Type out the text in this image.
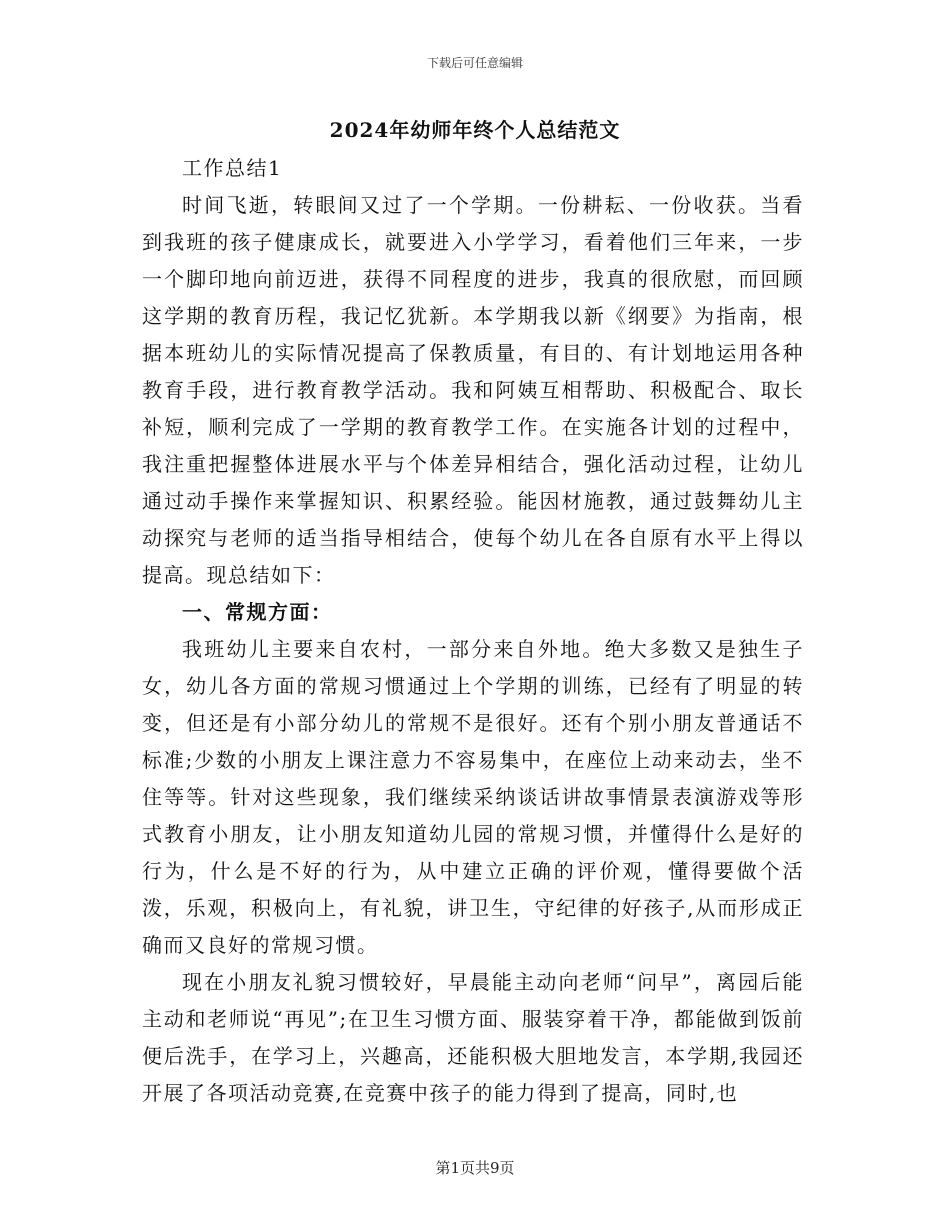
下载后可任意编辑
2024年幼师年终个人总结范文

工作总结1

时间飞逝，转眼间又过了一个学期。一份耕耘、一份收获。当看到我班的孩子健康成长，就要进入小学学习，看着他们三年来，一步一个脚印地向前迈进，获得不同程度的进步，我真的很欣慰，而回顾这学期的教育历程，我记忆犹新。本学期我以新《纲要》为指南，根据本班幼儿的实际情况提高了保教质量，有目的、有计划地运用各种教育手段，进行教育教学活动。我和阿姨互相帮助、积极配合、取长补短，顺利完成了一学期的教育教学工作。在实施各计划的过程中，我注重把握整体进展水平与个体差异相结合，强化活动过程，让幼儿通过动手操作来掌握知识、积累经验。能因材施教，通过鼓舞幼儿主动探究与老师的适当指导相结合，使每个幼儿在各自原有水平上得以提高。现总结如下：

一、常规方面：

我班幼儿主要来自农村，一部分来自外地。绝大多数又是独生子女，幼儿各方面的常规习惯通过上个学期的训练，已经有了明显的转变，但还是有小部分幼儿的常规不是很好。还有个别小朋友普通话不标准;少数的小朋友上课注意力不容易集中，在座位上动来动去，坐不住等等。针对这些现象，我们继续采纳谈话讲故事情景表演游戏等形式教育小朋友，让小朋友知道幼儿园的常规习惯，并懂得什么是好的行为，什么是不好的行为，从中建立正确的评价观，懂得要做个活泼，乐观，积极向上，有礼貌，讲卫生，守纪律的好孩子,从而形成正确而又良好的常规习惯。

现在小朋友礼貌习惯较好，早晨能主动向老师“问早”，离园后能主动和老师说“再见”;在卫生习惯方面、服装穿着干净，都能做到饭前便后洗手，在学习上，兴趣高，还能积极大胆地发言，本学期,我园还开展了各项活动竞赛,在竞赛中孩子的能力得到了提高，同时,也

第1页共9页
